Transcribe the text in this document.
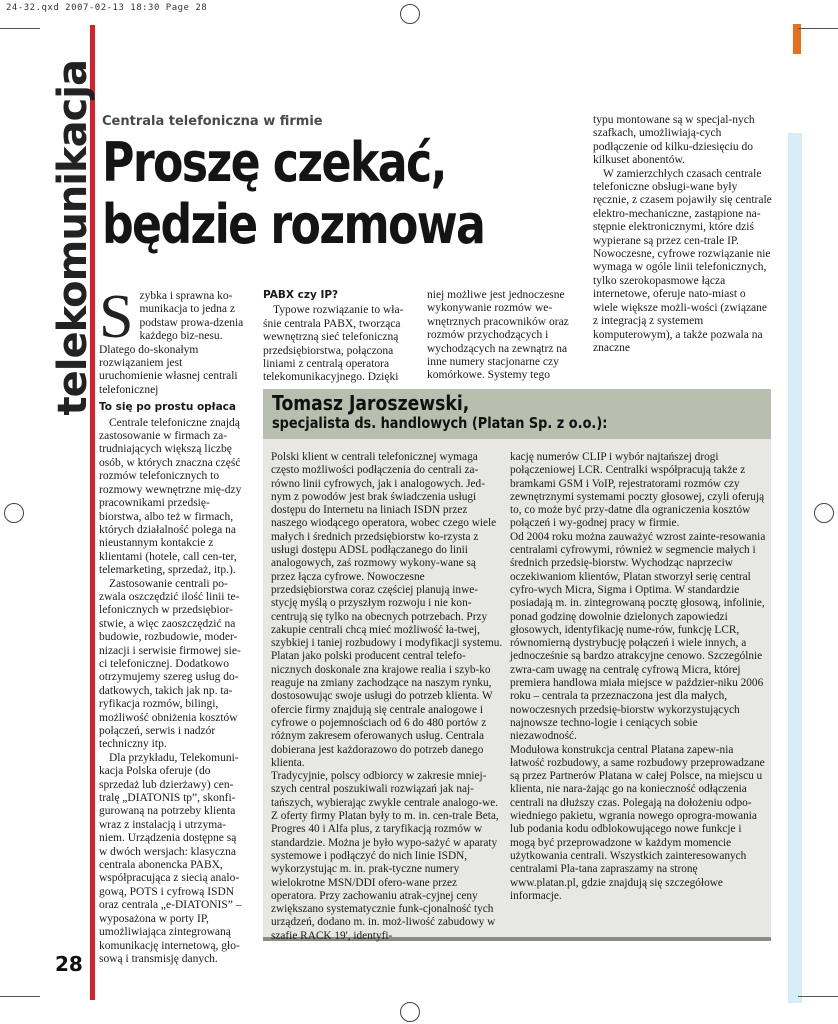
24-32.qxd 2007-02-13 18:30 Page 28
telekomunikacja
28
Centrala telefoniczna w firmie
Proszę czekać,
będzie rozmowa

Szybka i sprawna ko-munikacja to jedna z podstaw prowa-dzenia każdego biz-nesu. Dlatego do-skonałym rozwiązaniem jest uruchomienie własnej centrali telefonicznej

To się po prostu opłaca

Centrale telefoniczne znajdą zastosowanie w firmach za-trudniających większą liczbę osób, w których znaczna część rozmów telefonicznych to rozmowy wewnętrzne mię-dzy pracownikami przedsię-biorstwa, albo też w firmach, których działalność polega na nieustannym kontakcie z klientami (hotele, call cen-ter, telemarketing, sprzedaż, itp.).

Zastosowanie centrali po-zwala oszczędzić ilość linii te-lefonicznych w przedsiębior-stwie, a więc zaoszczędzić na budowie, rozbudowie, moder-nizacji i serwisie firmowej sie-ci telefonicznej. Dodatkowo otrzymujemy szereg usług do-datkowych, takich jak np. ta-ryfikacja rozmów, bilingi, możliwość obniżenia kosztów połączeń, serwis i nadzór techniczny itp.

Dla przykładu, Telekomuni-kacja Polska oferuje (do sprzedaż lub dzierżawy) cen-tralę „DIATONIS tp”, skonfi-gurowaną na potrzeby klienta wraz z instalacją i utrzyma-niem. Urządzenia dostępne są w dwóch wersjach: klasyczna centrala abonencka PABX, współpracująca z siecią analo-gową, POTS i cyfrową ISDN oraz centrala „e-DIATONIS” – wyposażona w porty IP, umożliwiająca zintegrowaną komunikację internetową, gło-sową i transmisję danych.

PABX czy IP?

Typowe rozwiązanie to wła-śnie centrala PABX, tworząca wewnętrzną sieć telefoniczną przedsiębiorstwa, połączona liniami z centralą operatora telekomunikacyjnego. Dzięki

niej możliwe jest jednoczesne wykonywanie rozmów we-wnętrznych pracowników oraz rozmów przychodzących i wychodzących na zewnątrz na inne numery stacjonarne czy komórkowe. Systemy tego

typu montowane są w specjal-nych szafkach, umożliwiają-cych podłączenie od kilku-dziesięciu do kilkuset abonentów.

W zamierzchłych czasach centrale telefoniczne obsługi-wane były ręcznie, z czasem pojawiły się centrale elektro-mechaniczne, zastąpione na-stępnie elektronicznymi, które dziś wypierane są przez cen-trale IP. Nowoczesne, cyfrowe rozwiązanie nie wymaga w ogóle linii telefonicznych, tylko szerokopasmowe łącza internetowe, oferuje nato-miast o wiele większe możli-wości (związane z integracją z systemem komputerowym), a także pozwala na znaczne

Tomasz Jaroszewski,
specjalista ds. handlowych (Platan Sp. z o.o.):

Polski klient w centrali telefonicznej wymaga często możliwości podłączenia do centrali za-równo linii cyfrowych, jak i analogowych. Jed-nym z powodów jest brak świadczenia usługi dostępu do Internetu na liniach ISDN przez naszego wiodącego operatora, wobec czego wiele małych i średnich przedsiębiorstw ko-rzysta z usługi dostępu ADSL podłączanego do linii analogowych, zaś rozmowy wykony-wane są przez łącza cyfrowe. Nowoczesne przedsiębiorstwa coraz częściej planują inwe-stycję myślą o przyszłym rozwoju i nie kon-centrują się tylko na obecnych potrzebach. Przy zakupie centrali chcą mieć możliwość ła-twej, szybkiej i taniej rozbudowy i modyfikacji systemu.

Platan jako polski producent central telefo-nicznych doskonale zna krajowe realia i szyb-ko reaguje na zmiany zachodzące na naszym rynku, dostosowując swoje usługi do potrzeb klienta. W ofercie firmy znajdują się centrale analogowe i cyfrowe o pojemnościach od 6 do 480 portów z różnym zakresem oferowanych usług. Centrala dobierana jest każdorazowo do potrzeb danego klienta.

Tradycyjnie, polscy odbiorcy w zakresie mniej-szych central poszukiwali rozwiązań jak naj-tańszych, wybierając zwykle centrale analogo-we. Z oferty firmy Platan były to m. in. cen-trale Beta, Progres 40 i Alfa plus, z taryfikacją rozmów w standardzie. Można je było wypo-sażyć w aparaty systemowe i podłączyć do nich linie ISDN, wykorzystując m. in. prak-tyczne numery wielokrotne MSN/DDI ofero-wane przez operatora. Przy zachowaniu atrak-cyjnej ceny zwiększano systematycznie funk-cjonalność tych urządzeń, dodano m. in. moż-liwość zabudowy w szafie RACK 19', identyfi-

kację numerów CLIP i wybór najtańszej drogi połączeniowej LCR. Centralki współpracują także z bramkami GSM i VoIP, rejestratorami rozmów czy zewnętrznymi systemami poczty głosowej, czyli oferują to, co może być przy-datne dla ograniczenia kosztów połączeń i wy-godnej pracy w firmie.

Od 2004 roku można zauważyć wzrost zainte-resowania centralami cyfrowymi, również w segmencie małych i średnich przedsię-biorstw. Wychodząc naprzeciw oczekiwaniom klientów, Platan stworzył serię central cyfro-wych Micra, Sigma i Optima. W standardzie posiadają m. in. zintegrowaną pocztę głosową, infolinie, ponad godzinę dowolnie dzielonych zapowiedzi głosowych, identyfikację nume-rów, funkcję LCR, równomierną dystrybucję połączeń i wiele innych, a jednocześnie są bardzo atrakcyjne cenowo. Szczególnie zwra-cam uwagę na centralę cyfrową Micra, której premiera handlowa miała miejsce w paździer-niku 2006 roku – centrala ta przeznaczona jest dla małych, nowoczesnych przedsię-biorstw wykorzystujących najnowsze techno-logie i ceniących sobie niezawodność.

Modułowa konstrukcja central Platana zapew-nia łatwość rozbudowy, a same rozbudowy przeprowadzane są przez Partnerów Platana w całej Polsce, na miejscu u klienta, nie nara-żając go na konieczność odłączenia centrali na dłuższy czas. Polegają na dołożeniu odpo-wiedniego pakietu, wgrania nowego oprogra-mowania lub podania kodu odblokowującego nowe funkcje i mogą być przeprowadzone w każdym momencie użytkowania centrali. Wszystkich zainteresowanych centralami Pla-tana zapraszamy na stronę www.platan.pl, gdzie znajdują się szczegółowe informacje.
